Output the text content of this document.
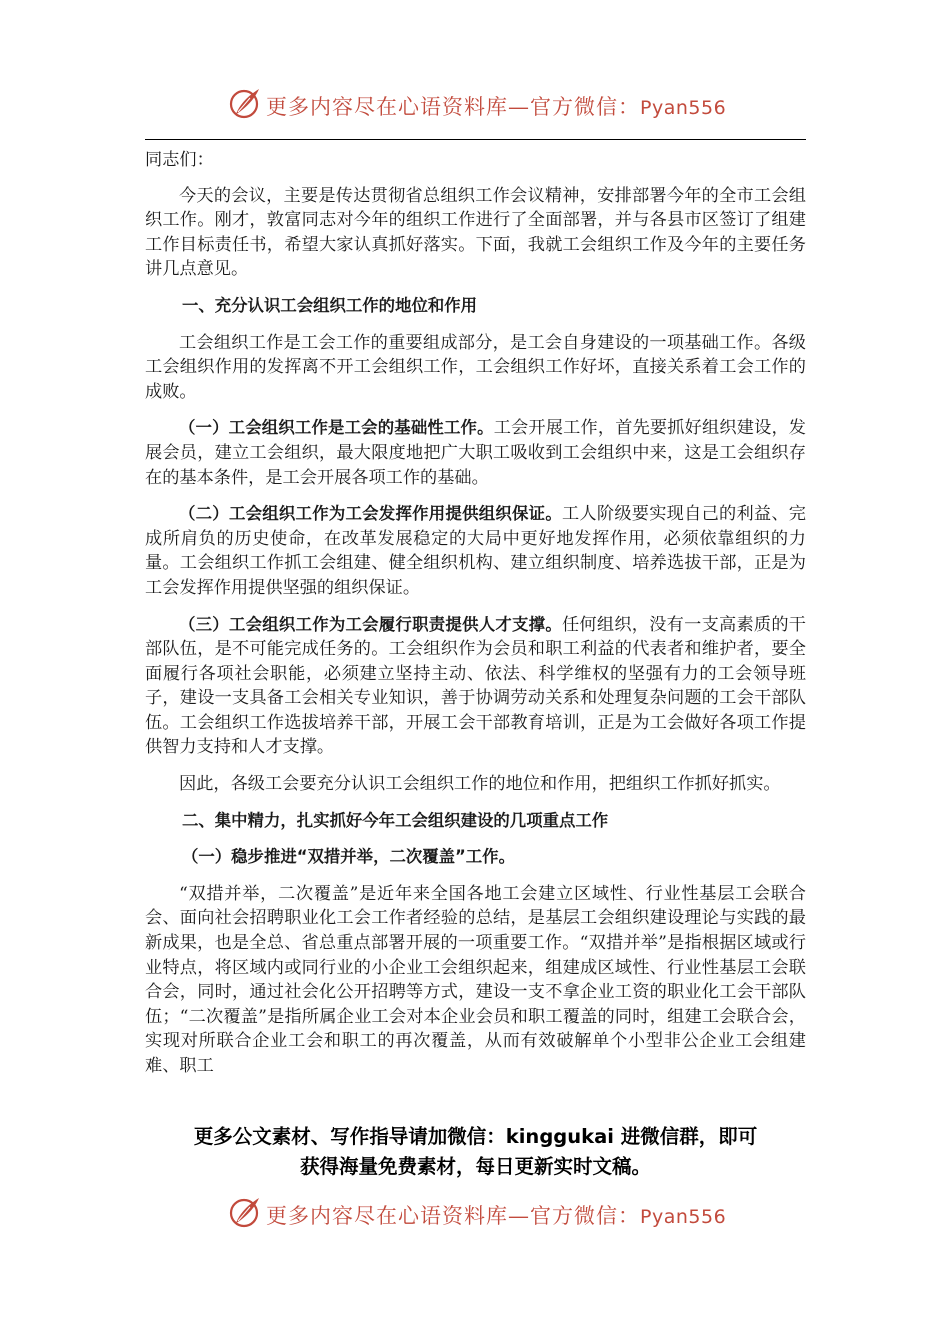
更多内容尽在心语资料库—官方微信：Pyan556

同志们：

今天的会议，主要是传达贯彻省总组织工作会议精神，安排部署今年的全市工会组织工作。刚才，敦富同志对今年的组织工作进行了全面部署，并与各县市区签订了组建工作目标责任书，希望大家认真抓好落实。下面，我就工会组织工作及今年的主要任务讲几点意见。

一、充分认识工会组织工作的地位和作用

工会组织工作是工会工作的重要组成部分，是工会自身建设的一项基础工作。各级工会组织作用的发挥离不开工会组织工作，工会组织工作好坏，直接关系着工会工作的成败。

（一）工会组织工作是工会的基础性工作。工会开展工作，首先要抓好组织建设，发展会员，建立工会组织，最大限度地把广大职工吸收到工会组织中来，这是工会组织存在的基本条件，是工会开展各项工作的基础。

（二）工会组织工作为工会发挥作用提供组织保证。工人阶级要实现自己的利益、完成所肩负的历史使命，在改革发展稳定的大局中更好地发挥作用，必须依靠组织的力量。工会组织工作抓工会组建、健全组织机构、建立组织制度、培养选拔干部，正是为工会发挥作用提供坚强的组织保证。

（三）工会组织工作为工会履行职责提供人才支撑。任何组织，没有一支高素质的干部队伍，是不可能完成任务的。工会组织作为会员和职工利益的代表者和维护者，要全面履行各项社会职能，必须建立坚持主动、依法、科学维权的坚强有力的工会领导班子，建设一支具备工会相关专业知识，善于协调劳动关系和处理复杂问题的工会干部队伍。工会组织工作选拔培养干部，开展工会干部教育培训，正是为工会做好各项工作提供智力支持和人才支撑。

因此，各级工会要充分认识工会组织工作的地位和作用，把组织工作抓好抓实。

二、集中精力，扎实抓好今年工会组织建设的几项重点工作

（一）稳步推进“双措并举，二次覆盖”工作。

“双措并举，二次覆盖”是近年来全国各地工会建立区域性、行业性基层工会联合会、面向社会招聘职业化工会工作者经验的总结，是基层工会组织建设理论与实践的最新成果，也是全总、省总重点部署开展的一项重要工作。“双措并举”是指根据区域或行业特点，将区域内或同行业的小企业工会组织起来，组建成区域性、行业性基层工会联合会，同时，通过社会化公开招聘等方式，建设一支不拿企业工资的职业化工会干部队伍；“二次覆盖”是指所属企业工会对本企业会员和职工覆盖的同时，组建工会联合会，实现对所联合企业工会和职工的再次覆盖，从而有效破解单个小型非公企业工会组建难、职工

更多公文素材、写作指导请加微信：kinggukai 进微信群，即可
获得海量免费素材，每日更新实时文稿。
更多内容尽在心语资料库—官方微信：Pyan556
